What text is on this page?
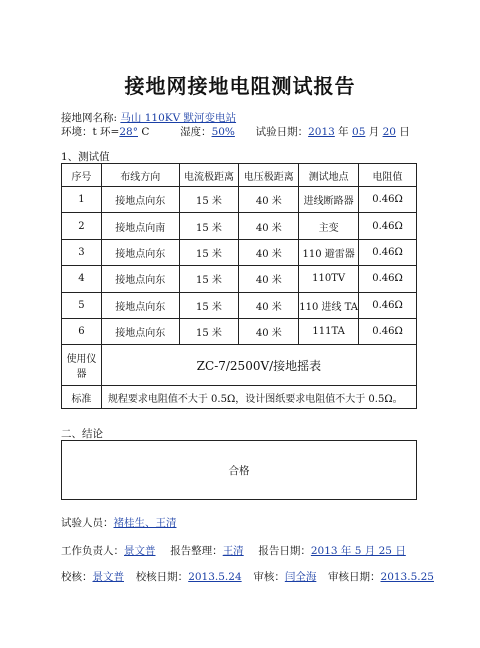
接地网接地电阻测试报告
接地网名称: 马山 110KV 默河变电站
环境：t 环=28° C	湿度：50% 试验日期：2013 年 05 月 20 日
1、测试值
序号	布线方向	电流极距离	电压极距离	测试地点	电阻值
1	接地点向东	15 米	40 米	进线断路器	0.46Ω
2	接地点向南	15 米	40 米	主变	0.46Ω
3	接地点向东	15 米	40 米	110 避雷器	0.46Ω
4	接地点向东	15 米	40 米	110TV	0.46Ω
5	接地点向东	15 米	40 米	110 进线 TA	0.46Ω
6	接地点向东	15 米	40 米	111TA	0.46Ω
使用仪器	ZC-7/2500V/接地摇表				
标准	规程要求电阻值不大于 0.5Ω，设计图纸要求电阻值不大于 0.5Ω。				
二、结论
合格
试验人员：褚桂生、王清
工作负责人：景文普 报告整理：王清 报告日期：2013 年 5 月 25 日
校核：景文普 校核日期：2013.5.24 审核：闫全海 审核日期：2013.5.25
